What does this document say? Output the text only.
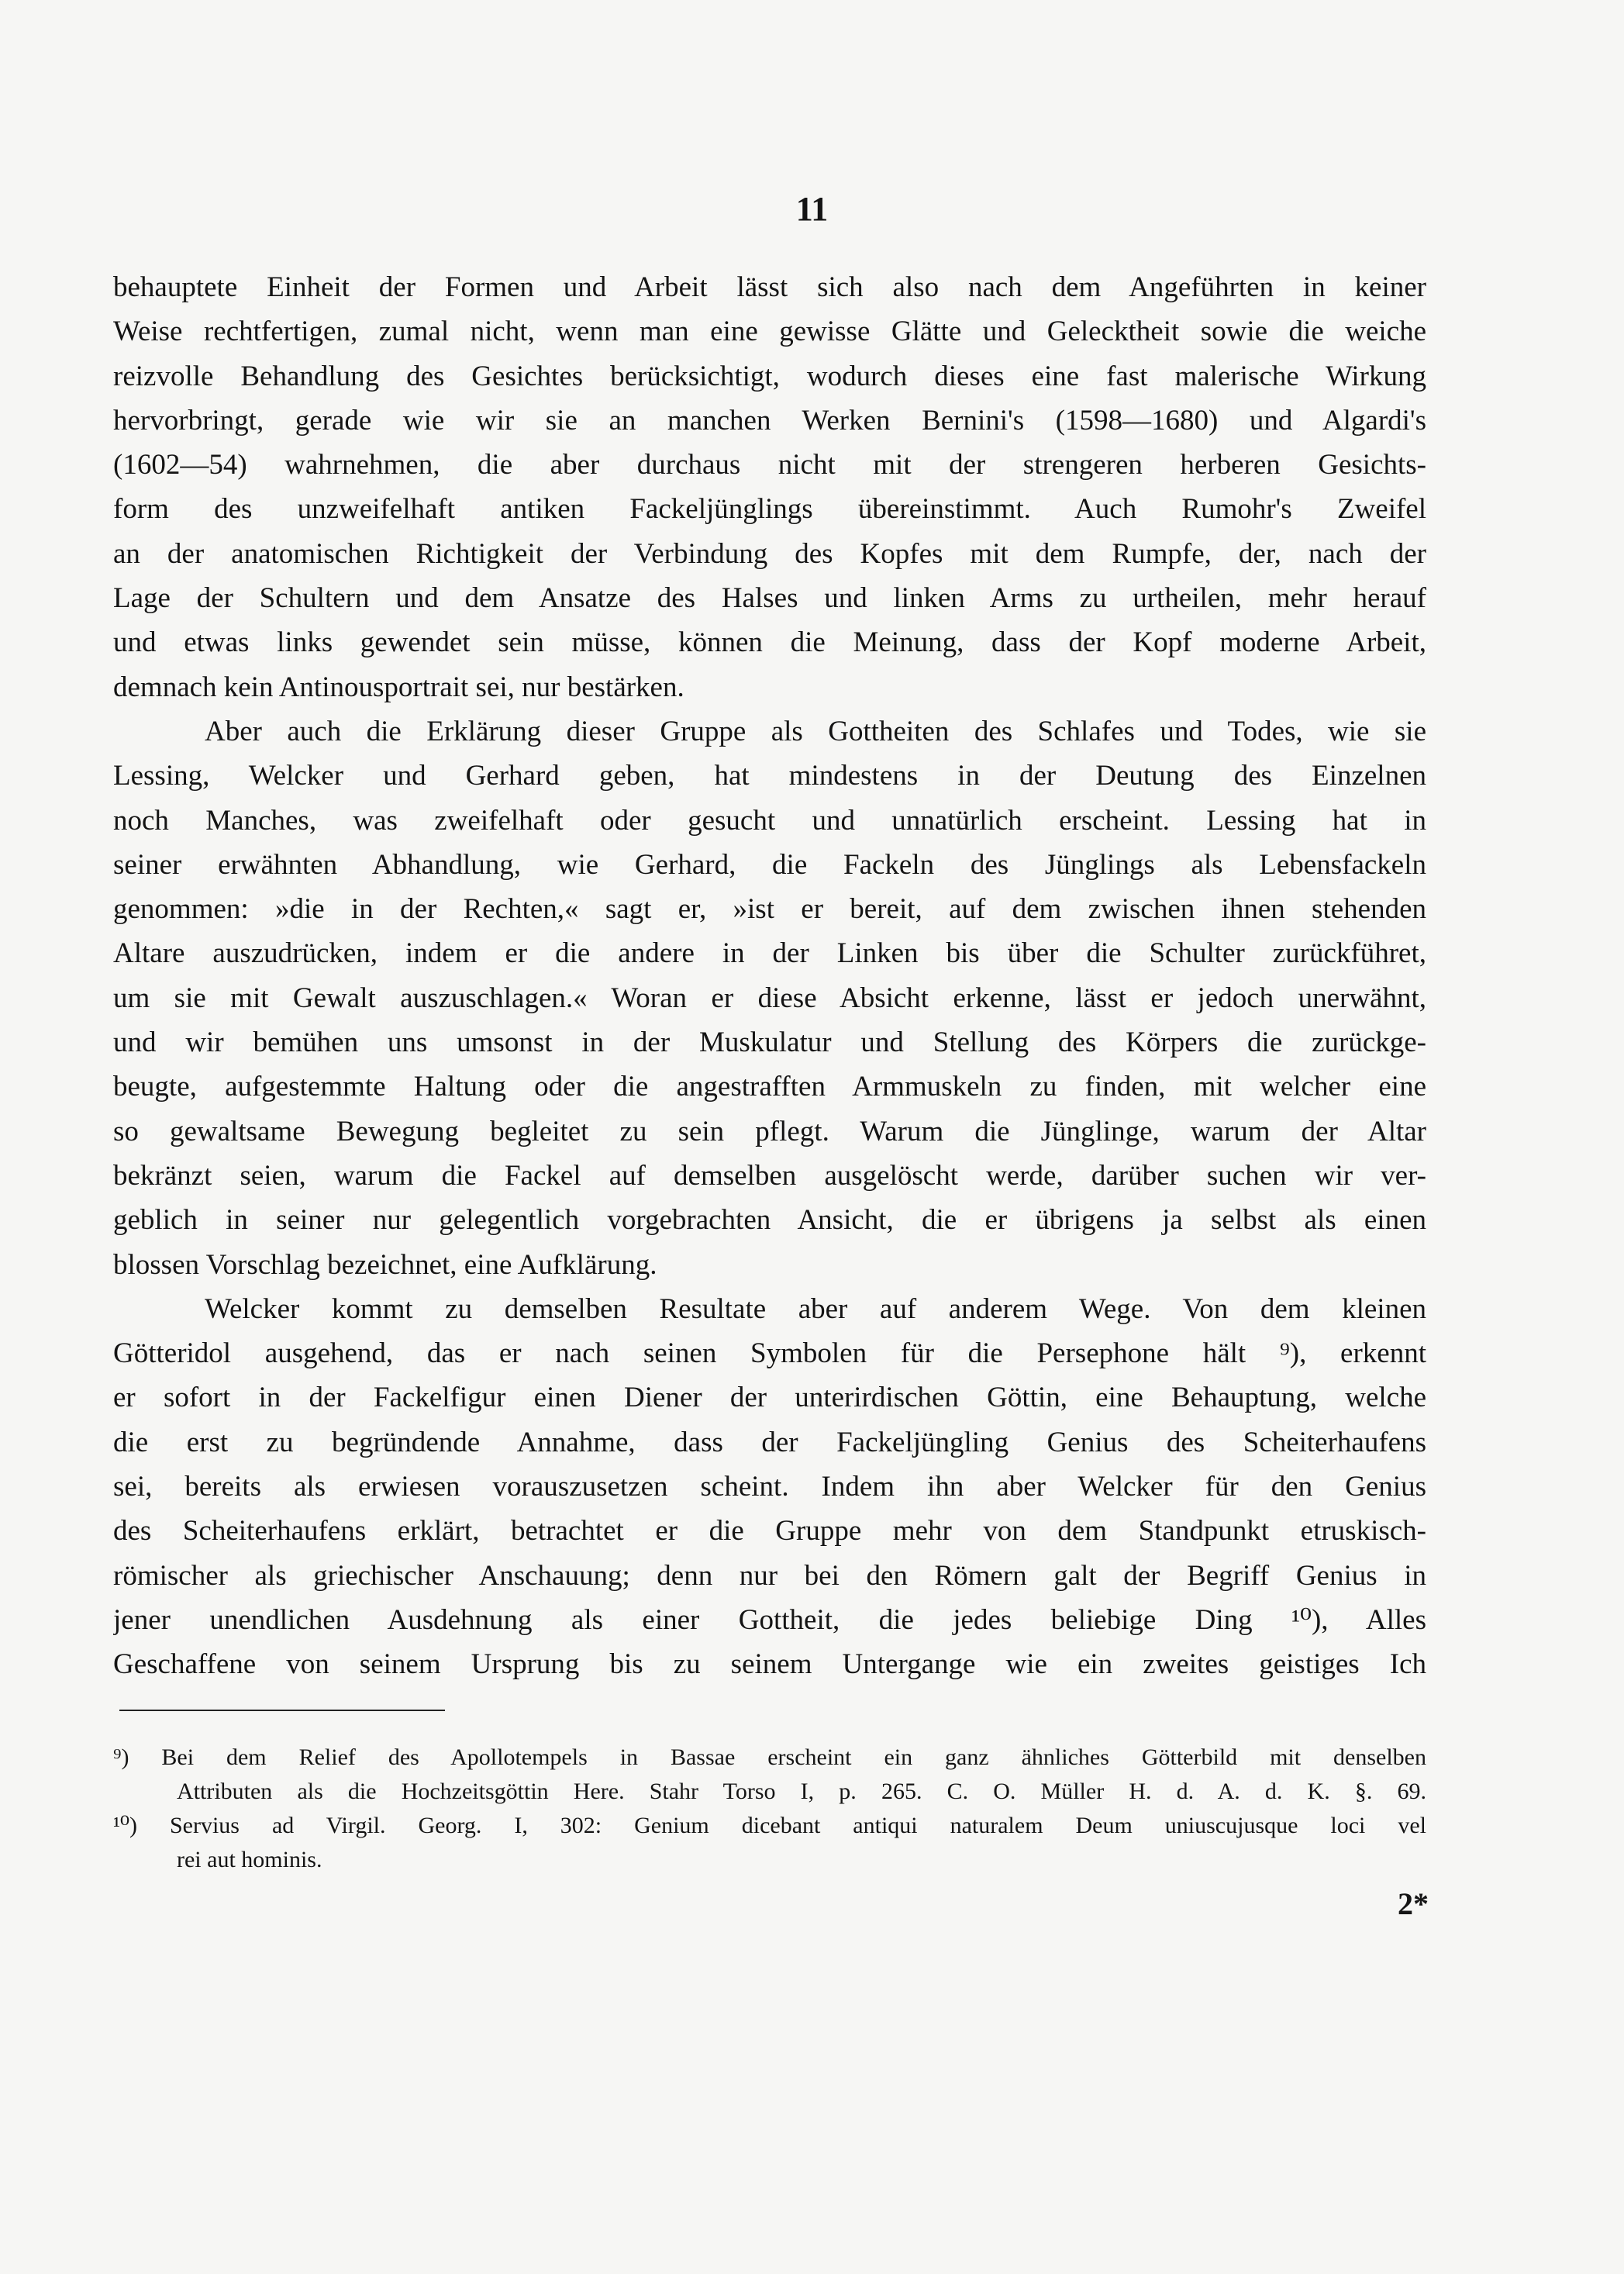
11
behauptete Einheit der Formen und Arbeit lässt sich also nach dem Angeführten in keiner
Weise rechtfertigen, zumal nicht, wenn man eine gewisse Glätte und Gelecktheit sowie die weiche
reizvolle Behandlung des Gesichtes berücksichtigt, wodurch dieses eine fast malerische Wirkung
hervorbringt, gerade wie wir sie an manchen Werken Bernini's (1598—1680) und Algardi's
(1602—54) wahrnehmen, die aber durchaus nicht mit der strengeren herberen Gesichts-
form des unzweifelhaft antiken Fackeljünglings übereinstimmt. Auch Rumohr's Zweifel
an der anatomischen Richtigkeit der Verbindung des Kopfes mit dem Rumpfe, der, nach der
Lage der Schultern und dem Ansatze des Halses und linken Arms zu urtheilen, mehr herauf
und etwas links gewendet sein müsse, können die Meinung, dass der Kopf moderne Arbeit,
demnach kein Antinousportrait sei, nur bestärken.
Aber auch die Erklärung dieser Gruppe als Gottheiten des Schlafes und Todes, wie sie
Lessing, Welcker und Gerhard geben, hat mindestens in der Deutung des Einzelnen
noch Manches, was zweifelhaft oder gesucht und unnatürlich erscheint. Lessing hat in
seiner erwähnten Abhandlung, wie Gerhard, die Fackeln des Jünglings als Lebensfackeln
genommen: »die in der Rechten,« sagt er, »ist er bereit, auf dem zwischen ihnen stehenden
Altare auszudrücken, indem er die andere in der Linken bis über die Schulter zurückführet,
um sie mit Gewalt auszuschlagen.« Woran er diese Absicht erkenne, lässt er jedoch unerwähnt,
und wir bemühen uns umsonst in der Muskulatur und Stellung des Körpers die zurückge-
beugte, aufgestemmte Haltung oder die angestrafften Armmuskeln zu finden, mit welcher eine
so gewaltsame Bewegung begleitet zu sein pflegt. Warum die Jünglinge, warum der Altar
bekränzt seien, warum die Fackel auf demselben ausgelöscht werde, darüber suchen wir ver-
geblich in seiner nur gelegentlich vorgebrachten Ansicht, die er übrigens ja selbst als einen
blossen Vorschlag bezeichnet, eine Aufklärung.
Welcker kommt zu demselben Resultate aber auf anderem Wege. Von dem kleinen
Götteridol ausgehend, das er nach seinen Symbolen für die Persephone hält ⁹), erkennt
er sofort in der Fackelfigur einen Diener der unterirdischen Göttin, eine Behauptung, welche
die erst zu begründende Annahme, dass der Fackeljüngling Genius des Scheiterhaufens
sei, bereits als erwiesen vorauszusetzen scheint. Indem ihn aber Welcker für den Genius
des Scheiterhaufens erklärt, betrachtet er die Gruppe mehr von dem Standpunkt etruskisch-
römischer als griechischer Anschauung; denn nur bei den Römern galt der Begriff Genius in
jener unendlichen Ausdehnung als einer Gottheit, die jedes beliebige Ding ¹⁰), Alles
Geschaffene von seinem Ursprung bis zu seinem Untergange wie ein zweites geistiges Ich
⁹) Bei dem Relief des Apollotempels in Bassae erscheint ein ganz ähnliches Götterbild mit denselben
Attributen als die Hochzeitsgöttin Here. Stahr Torso I, p. 265. C. O. Müller H. d. A. d. K. §. 69.
¹⁰) Servius ad Virgil. Georg. I, 302: Genium dicebant antiqui naturalem Deum uniuscujusque loci vel
rei aut hominis.
2*
